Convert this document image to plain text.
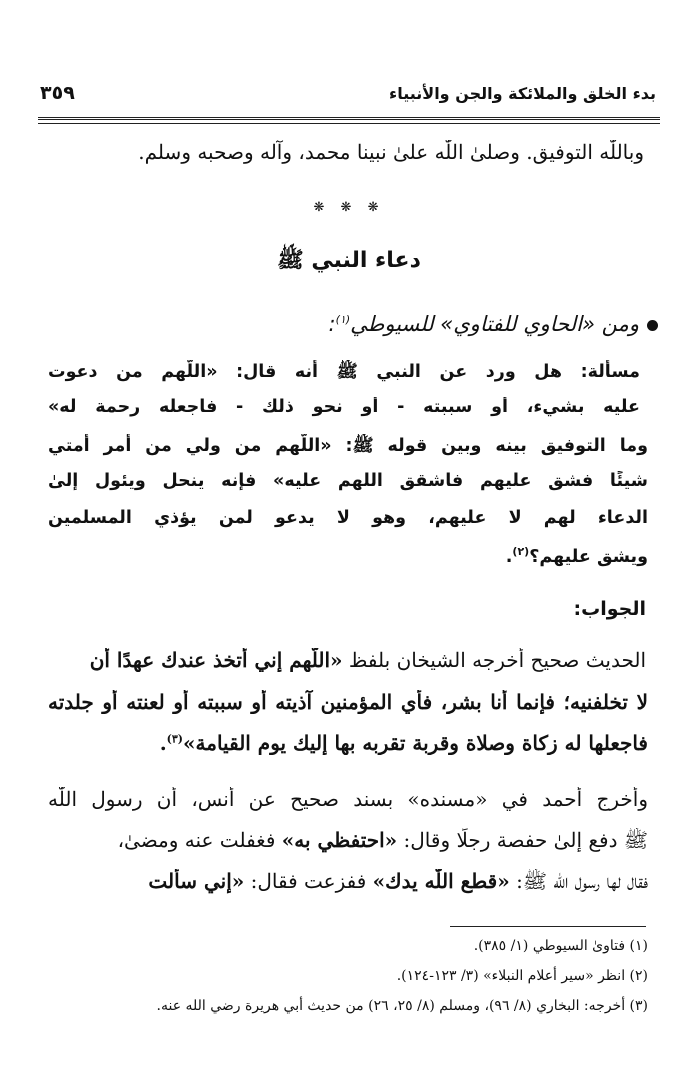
بدء الخلق والملائكة والجن والأنبياء
٣٥٩
وباللّٰه التوفيق. وصلىٰ اللّٰه علىٰ نبينا محمد، وآله وصحبه وسلم.
❋ ❋ ❋
دعاء النبي ﷺ
ومن «الحاوي للفتاوي» للسيوطي$^{(١)}$:
مسألة: هل ورد عن النبي ﷺ أنه قال: «اللَّهم من دعوت
عليه بشيء، أو سببته - أو نحو ذلك - فاجعله رحمة له»
وما التوفيق بينه وبين قوله ﷺ: «اللَّهم من ولي من أمر أمتي
شيئًا فشق عليهم فاشقق اللهم عليه» فإنه ينحل ويئول إلىٰ
الدعاء لهم لا عليهم، وهو لا يدعو لمن يؤذي المسلمين
ويشق عليهم؟$^{(٢)}$.
الجواب:
الحديث صحيح أخرجه الشيخان بلفظ «اللَّهم إني أتخذ عندك عهدًا أن
لا تخلفنيه؛ فإنما أنا بشر، فأي المؤمنين آذيته أو سببته أو لعنته أو جلدته
فاجعلها له زكاة وصلاة وقربة تقربه بها إليك يوم القيامة»$^{(٣)}$.
وأخرج أحمد في «مسنده» بسند صحيح عن أنس، أن رسول اللّٰه
ﷺ دفع إلىٰ حفصة رجلًا وقال: «احتفظي به» فغفلت عنه ومضىٰ،
فقال لها رسول اللّٰه ﷺ: «قطع اللّٰه يدك» ففزعت فقال: «إني سألت
(١) فتاوىٰ السيوطي (١/ ٣٨٥).
(٢) انظر «سير أعلام النبلاء» (٣/ ١٢٣-١٢٤).
(٣) أخرجه: البخاري (٨/ ٩٦)، ومسلم (٨/ ٢٥، ٢٦) من حديث أبي هريرة رضي الله عنه.
